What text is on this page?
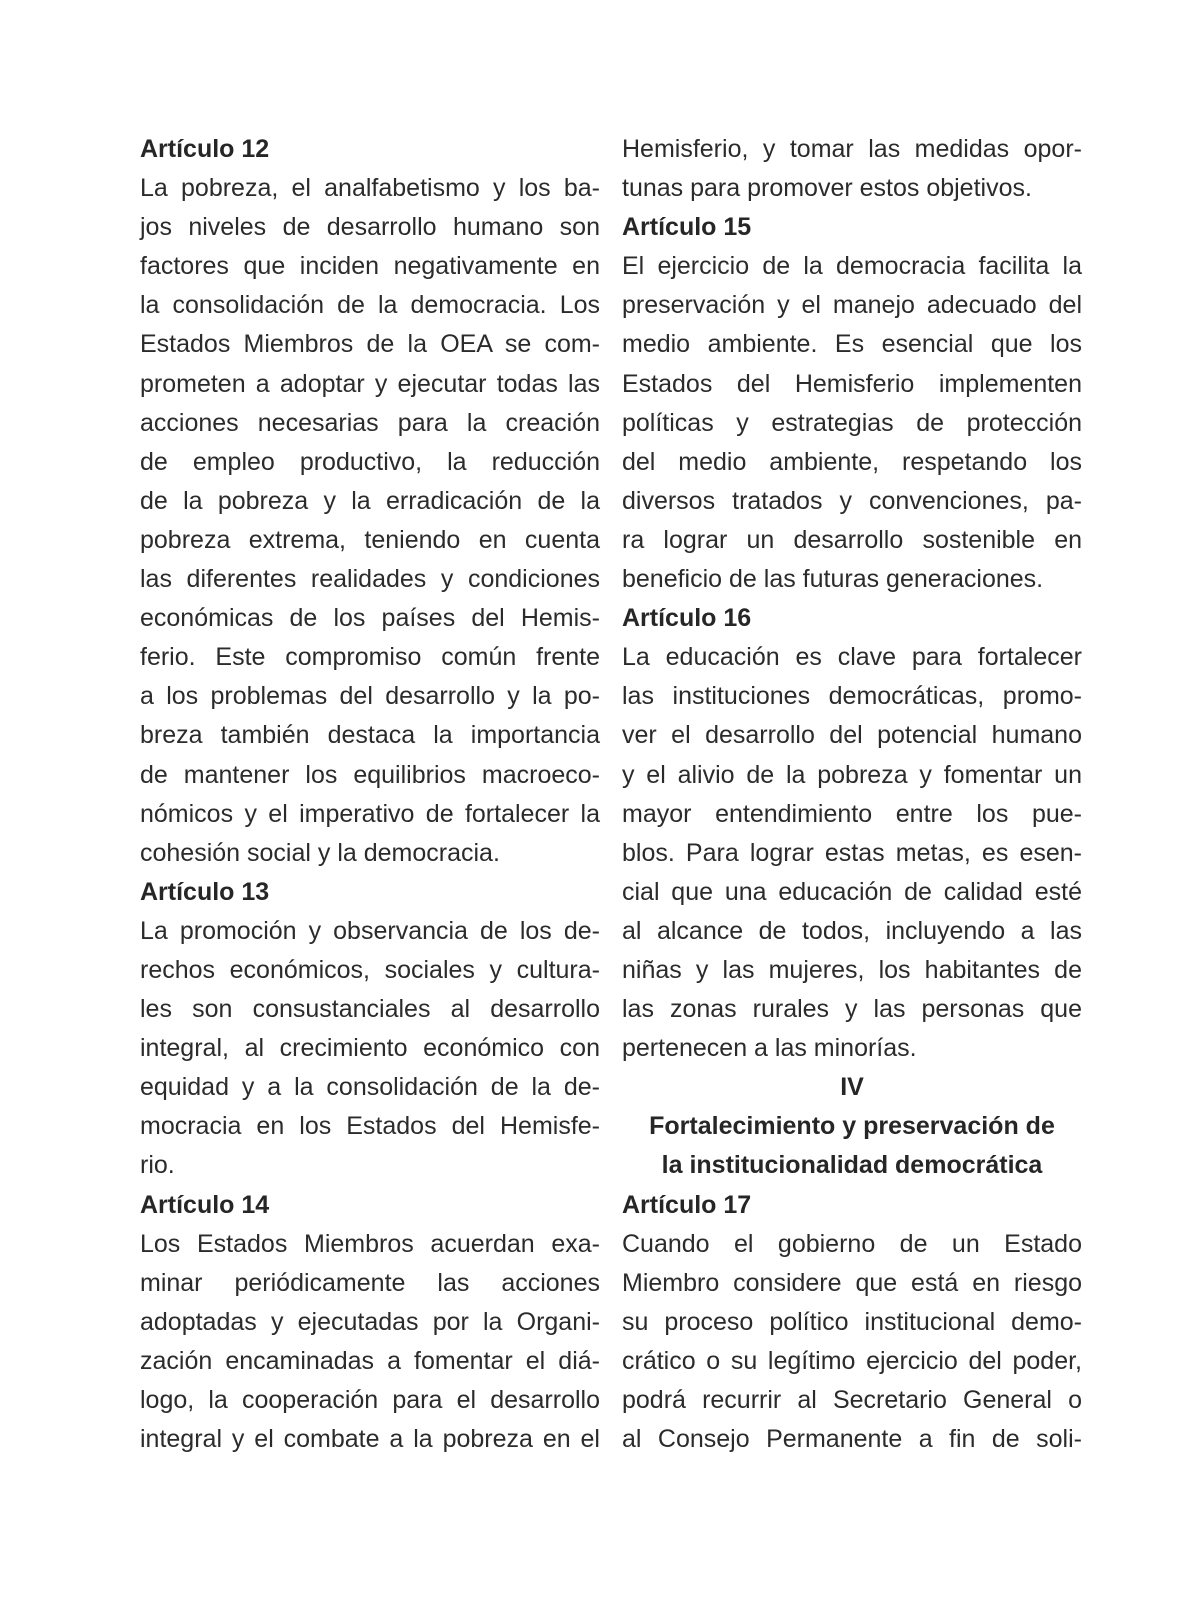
Artículo 12
La pobreza, el analfabetismo y los ba-
jos niveles de desarrollo humano son
factores que inciden negativamente en
la consolidación de la democracia. Los
Estados Miembros de la OEA se com-
prometen a adoptar y ejecutar todas las
acciones necesarias para la creación
de empleo productivo, la reducción
de la pobreza y la erradicación de la
pobreza extrema, teniendo en cuenta
las diferentes realidades y condiciones
económicas de los países del Hemis-
ferio. Este compromiso común frente
a los problemas del desarrollo y la po-
breza también destaca la importancia
de mantener los equilibrios macroeco-
nómicos y el imperativo de fortalecer la
cohesión social y la democracia.
Artículo 13
La promoción y observancia de los de-
rechos económicos, sociales y cultura-
les son consustanciales al desarrollo
integral, al crecimiento económico con
equidad y a la consolidación de la de-
mocracia en los Estados del Hemisfe-
rio.
Artículo 14
Los Estados Miembros acuerdan exa-
minar periódicamente las acciones
adoptadas y ejecutadas por la Organi-
zación encaminadas a fomentar el diá-
logo, la cooperación para el desarrollo
integral y el combate a la pobreza en el
Hemisferio, y tomar las medidas opor-
tunas para promover estos objetivos.
Artículo 15
El ejercicio de la democracia facilita la
preservación y el manejo adecuado del
medio ambiente. Es esencial que los
Estados del Hemisferio implementen
políticas y estrategias de protección
del medio ambiente, respetando los
diversos tratados y convenciones, pa-
ra lograr un desarrollo sostenible en
beneficio de las futuras generaciones.
Artículo 16
La educación es clave para fortalecer
las instituciones democráticas, promo-
ver el desarrollo del potencial humano
y el alivio de la pobreza y fomentar un
mayor entendimiento entre los pue-
blos. Para lograr estas metas, es esen-
cial que una educación de calidad esté
al alcance de todos, incluyendo a las
niñas y las mujeres, los habitantes de
las zonas rurales y las personas que
pertenecen a las minorías.
IV
Fortalecimiento y preservación de
la institucionalidad democrática
Artículo 17
Cuando el gobierno de un Estado
Miembro considere que está en riesgo
su proceso político institucional demo-
crático o su legítimo ejercicio del poder,
podrá recurrir al Secretario General o
al Consejo Permanente a fin de soli-
